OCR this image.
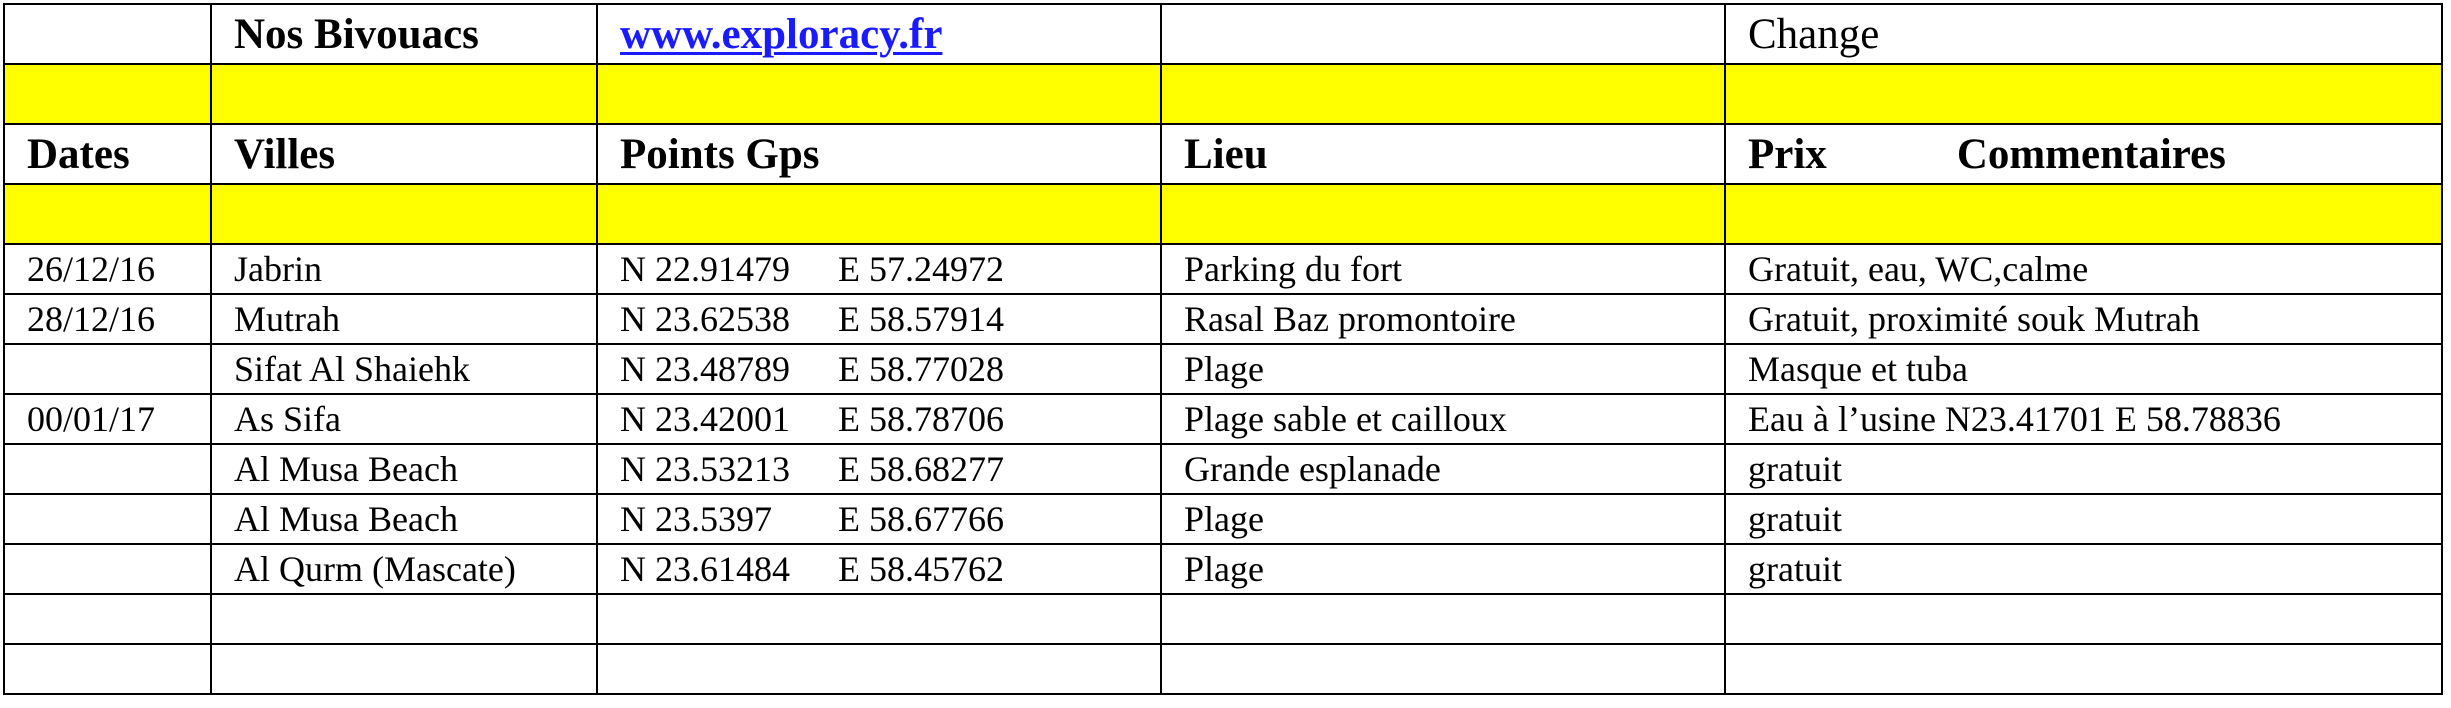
	Nos Bivouacs	www.exploracy.fr		Change

Dates	Villes	Points Gps	Lieu	Prix Commentaires

26/12/16	Jabrin	N 22.91479 E 57.24972	Parking du fort	Gratuit, eau, WC,calme
28/12/16	Mutrah	N 23.62538 E 58.57914	Rasal Baz promontoire	Gratuit, proximité souk Mutrah
	Sifat Al Shaiehk	N 23.48789 E 58.77028	Plage	Masque et tuba
00/01/17	As Sifa	N 23.42001 E 58.78706	Plage sable et cailloux	Eau à l’usine N23.41701 E 58.78836
	Al Musa Beach	N 23.53213 E 58.68277	Grande esplanade	gratuit
	Al Musa Beach	N 23.5397 E 58.67766	Plage	gratuit
	Al Qurm (Mascate)	N 23.61484 E 58.45762	Plage	gratuit
